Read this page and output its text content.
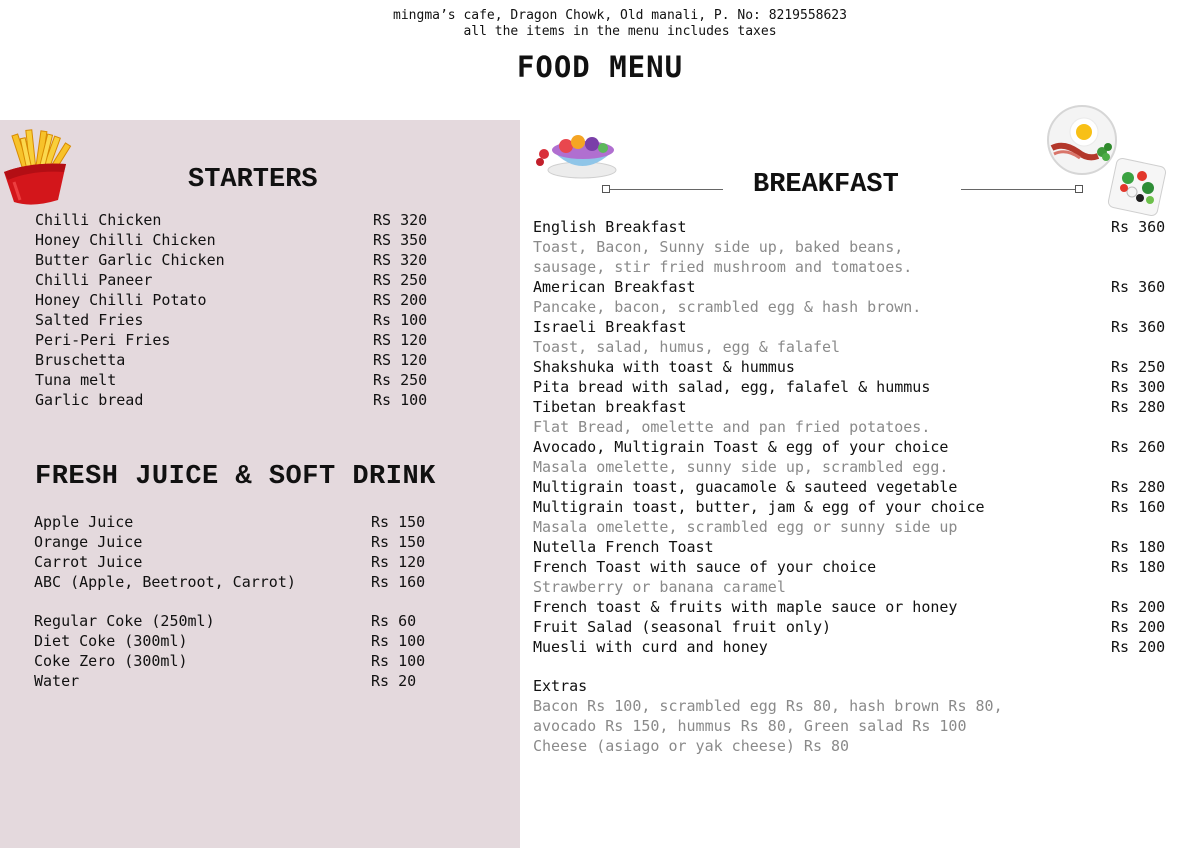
mingma’s cafe, Dragon Chowk, Old manali, P. No: 8219558623
all the items in the menu includes taxes
FOOD MENU
STARTERS
Chilli Chicken	RS 320
Honey Chilli Chicken	RS 350
Butter Garlic Chicken	RS 320
Chilli Paneer	RS 250
Honey Chilli Potato	RS 200
Salted Fries	Rs 100
Peri-Peri Fries	RS 120
Bruschetta	RS 120
Tuna melt	Rs 250
Garlic bread	Rs 100
FRESH JUICE & SOFT DRINK
Apple Juice	Rs 150
Orange Juice	Rs 150
Carrot Juice	Rs 120
ABC (Apple, Beetroot, Carrot)	Rs 160
Regular Coke (250ml)	Rs 60
Diet Coke (300ml)	Rs 100
Coke Zero (300ml)	Rs 100
Water	Rs 20
BREAKFAST
English Breakfast	Rs 360
Toast, Bacon, Sunny side up, baked beans,
sausage, stir fried mushroom and tomatoes.
American Breakfast	Rs 360
Pancake, bacon, scrambled egg & hash brown.
Israeli Breakfast	Rs 360
Toast, salad, humus, egg & falafel
Shakshuka with toast & hummus	Rs 250
Pita bread with salad, egg, falafel & hummus	Rs 300
Tibetan breakfast	Rs 280
Flat Bread, omelette and pan fried potatoes.
Avocado, Multigrain Toast & egg of your choice	Rs 260
Masala omelette, sunny side up, scrambled egg.
Multigrain toast, guacamole & sauteed vegetable	Rs 280
Multigrain toast, butter, jam & egg of your choice	Rs 160
Masala omelette, scrambled egg or sunny side up
Nutella French Toast	Rs 180
French Toast with sauce of your choice	Rs 180
Strawberry or banana caramel
French toast & fruits with maple sauce or honey	Rs 200
Fruit Salad (seasonal fruit only)	Rs 200
Muesli with curd and honey	Rs 200
Extras
Bacon Rs 100, scrambled egg Rs 80, hash brown Rs 80,
avocado Rs 150, hummus Rs 80, Green salad Rs 100
Cheese (asiago or yak cheese) Rs 80
